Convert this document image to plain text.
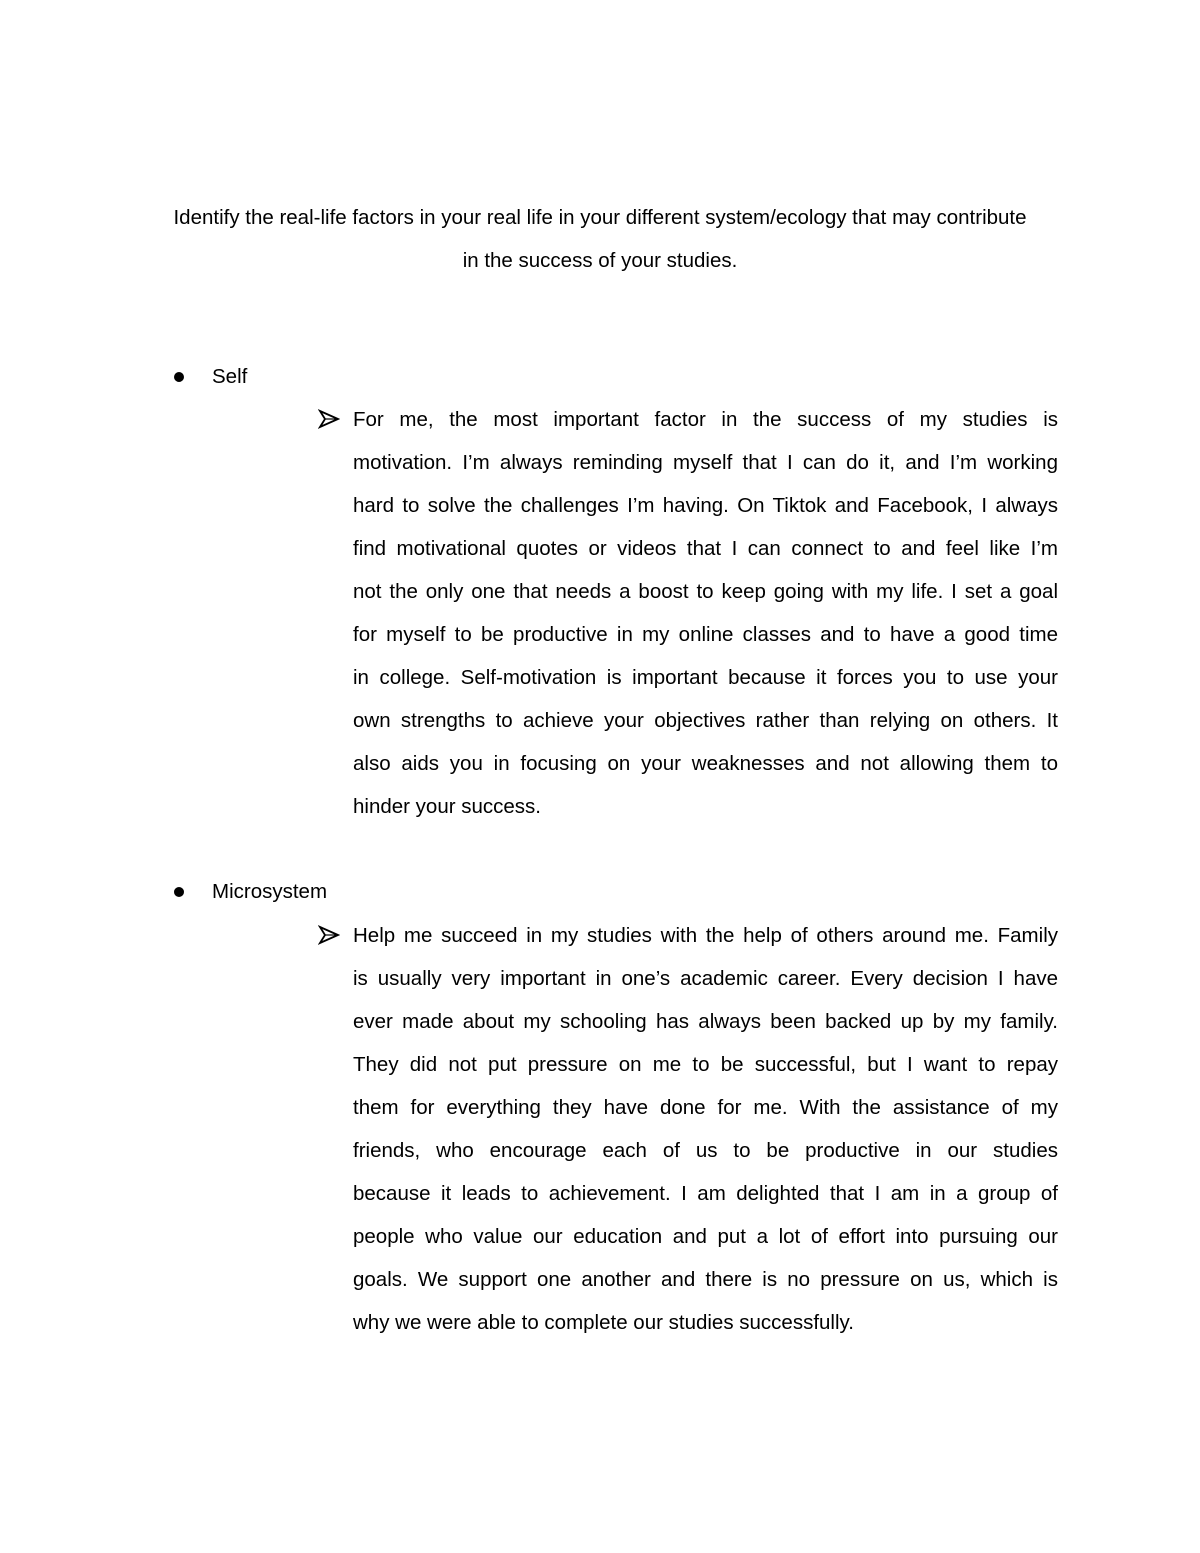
Identify the real-life factors in your real life in your different system/ecology that may contribute
in the success of your studies.
Self
For me, the most important factor in the success of my studies is
motivation. I’m always reminding myself that I can do it, and I’m working
hard to solve the challenges I’m having. On Tiktok and Facebook, I always
find motivational quotes or videos that I can connect to and feel like I’m
not the only one that needs a boost to keep going with my life. I set a goal
for myself to be productive in my online classes and to have a good time
in college. Self-motivation is important because it forces you to use your
own strengths to achieve your objectives rather than relying on others. It
also aids you in focusing on your weaknesses and not allowing them to
hinder your success.
Microsystem
Help me succeed in my studies with the help of others around me. Family
is usually very important in one’s academic career. Every decision I have
ever made about my schooling has always been backed up by my family.
They did not put pressure on me to be successful, but I want to repay
them for everything they have done for me. With the assistance of my
friends, who encourage each of us to be productive in our studies
because it leads to achievement. I am delighted that I am in a group of
people who value our education and put a lot of effort into pursuing our
goals. We support one another and there is no pressure on us, which is
why we were able to complete our studies successfully.
